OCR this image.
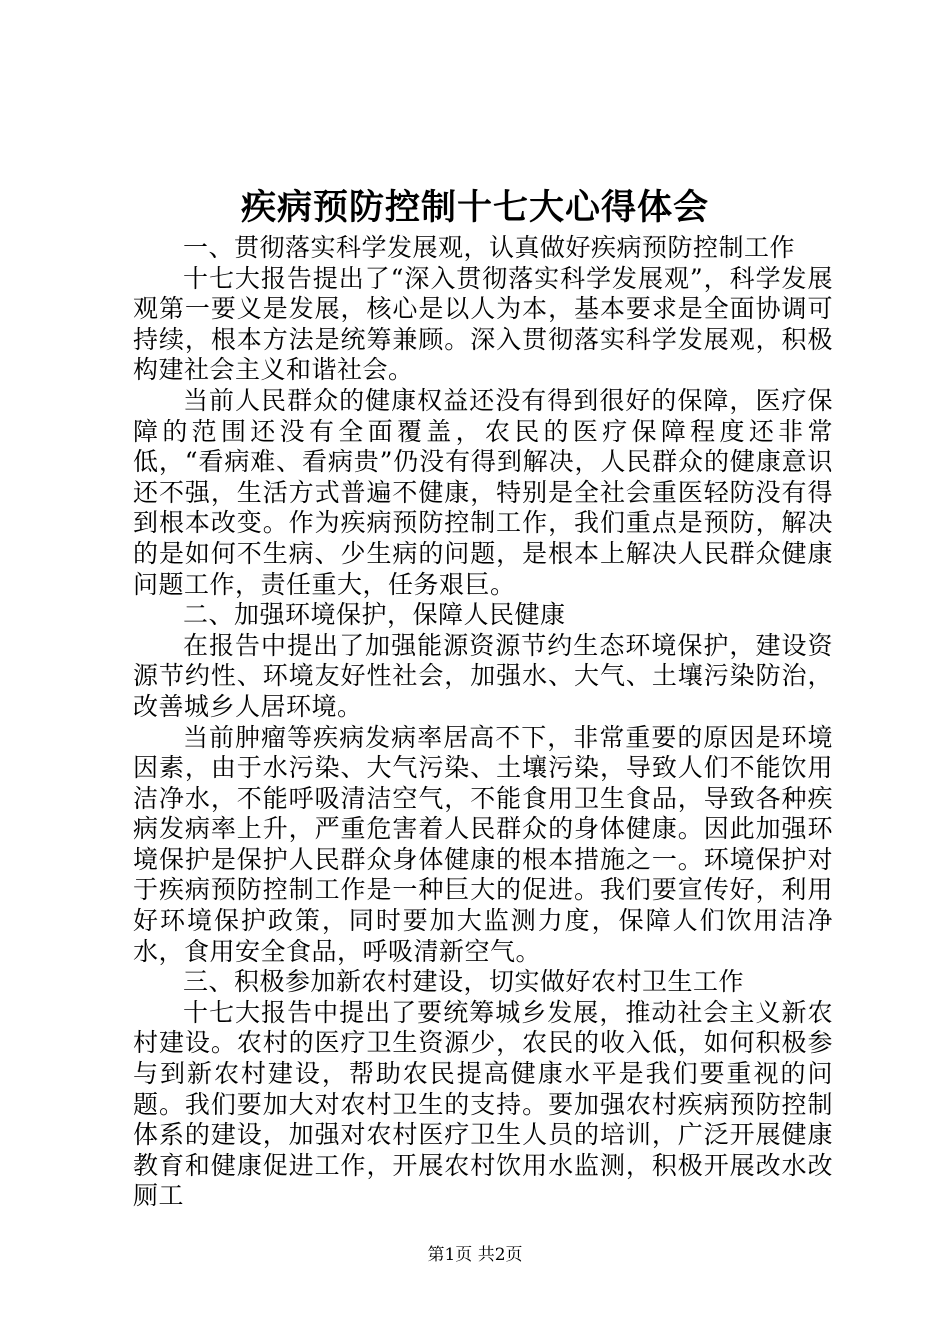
疾病预防控制十七大心得体会

一、贯彻落实科学发展观，认真做好疾病预防控制工作

十七大报告提出了“深入贯彻落实科学发展观”，科学发展观第一要义是发展，核心是以人为本，基本要求是全面协调可持续，根本方法是统筹兼顾。深入贯彻落实科学发展观，积极构建社会主义和谐社会。

当前人民群众的健康权益还没有得到很好的保障，医疗保障的范围还没有全面覆盖，农民的医疗保障程度还非常低，“看病难、看病贵”仍没有得到解决，人民群众的健康意识还不强，生活方式普遍不健康，特别是全社会重医轻防没有得到根本改变。作为疾病预防控制工作，我们重点是预防，解决的是如何不生病、少生病的问题，是根本上解决人民群众健康问题工作，责任重大，任务艰巨。

二、加强环境保护，保障人民健康

在报告中提出了加强能源资源节约生态环境保护，建设资源节约性、环境友好性社会，加强水、大气、土壤污染防治，改善城乡人居环境。

当前肿瘤等疾病发病率居高不下，非常重要的原因是环境因素，由于水污染、大气污染、土壤污染，导致人们不能饮用洁净水，不能呼吸清洁空气，不能食用卫生食品，导致各种疾病发病率上升，严重危害着人民群众的身体健康。因此加强环境保护是保护人民群众身体健康的根本措施之一。环境保护对于疾病预防控制工作是一种巨大的促进。我们要宣传好，利用好环境保护政策，同时要加大监测力度，保障人们饮用洁净水，食用安全食品，呼吸清新空气。

三、积极参加新农村建设，切实做好农村卫生工作

十七大报告中提出了要统筹城乡发展，推动社会主义新农村建设。农村的医疗卫生资源少，农民的收入低，如何积极参与到新农村建设，帮助农民提高健康水平是我们要重视的问题。我们要加大对农村卫生的支持。要加强农村疾病预防控制体系的建设，加强对农村医疗卫生人员的培训，广泛开展健康教育和健康促进工作，开展农村饮用水监测，积极开展改水改厕工

第1页 共2页
